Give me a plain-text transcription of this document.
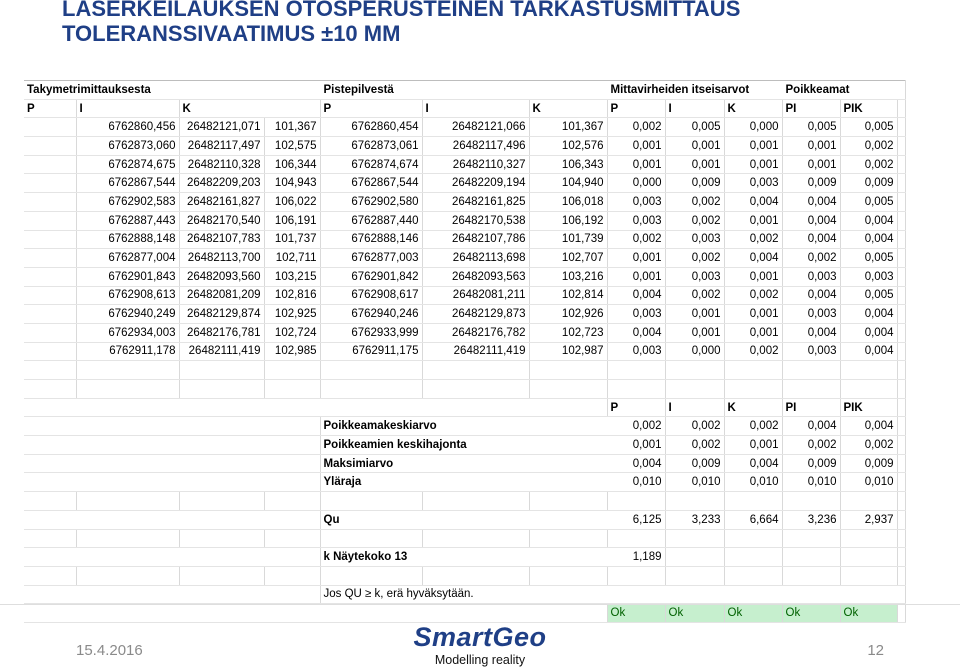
LASERKEILAUKSEN OTOSPERUSTEINEN TARKASTUSMITTAUS
TOLERANSSIVAATIMUS ±10 MM
Takymetrimittauksesta				Pistepilvestä			Mittavirheiden itseisarvot			Poikkeamat		
P	I	K		P	I	K	P	I	K	PI	PIK	
	6762860,456	26482121,071	101,367	6762860,454	26482121,066	101,367	0,002	0,005	0,000	0,005	0,005	
	6762873,060	26482117,497	102,575	6762873,061	26482117,496	102,576	0,001	0,001	0,001	0,001	0,002	
	6762874,675	26482110,328	106,344	6762874,674	26482110,327	106,343	0,001	0,001	0,001	0,001	0,002	
	6762867,544	26482209,203	104,943	6762867,544	26482209,194	104,940	0,000	0,009	0,003	0,009	0,009	
	6762902,583	26482161,827	106,022	6762902,580	26482161,825	106,018	0,003	0,002	0,004	0,004	0,005	
	6762887,443	26482170,540	106,191	6762887,440	26482170,538	106,192	0,003	0,002	0,001	0,004	0,004	
	6762888,148	26482107,783	101,737	6762888,146	26482107,786	101,739	0,002	0,003	0,002	0,004	0,004	
	6762877,004	26482113,700	102,711	6762877,003	26482113,698	102,707	0,001	0,002	0,004	0,002	0,005	
	6762901,843	26482093,560	103,215	6762901,842	26482093,563	103,216	0,001	0,003	0,001	0,003	0,003	
	6762908,613	26482081,209	102,816	6762908,617	26482081,211	102,814	0,004	0,002	0,002	0,004	0,005	
	6762940,249	26482129,874	102,925	6762940,246	26482129,873	102,926	0,003	0,001	0,001	0,003	0,004	
	6762934,003	26482176,781	102,724	6762933,999	26482176,782	102,723	0,004	0,001	0,001	0,004	0,004	
	6762911,178	26482111,419	102,985	6762911,175	26482111,419	102,987	0,003	0,000	0,002	0,003	0,004	

							P	I	K	PI	PIK	
				Poikkeamakeskiarvo			0,002	0,002	0,002	0,004	0,004	
				Poikkeamien keskihajonta			0,001	0,002	0,001	0,002	0,002	
				Maksimiarvo			0,004	0,009	0,004	0,009	0,009	
				Yläraja			0,010	0,010	0,010	0,010	0,010	

				Qu			6,125	3,233	6,664	3,236	2,937	

				k Näytekoko 13			1,189					

				Jos QU ≥ k, erä hyväksytään.								
							Ok	Ok	Ok	Ok	Ok	
15.4.2016	SmartGeo
Modelling reality
12
